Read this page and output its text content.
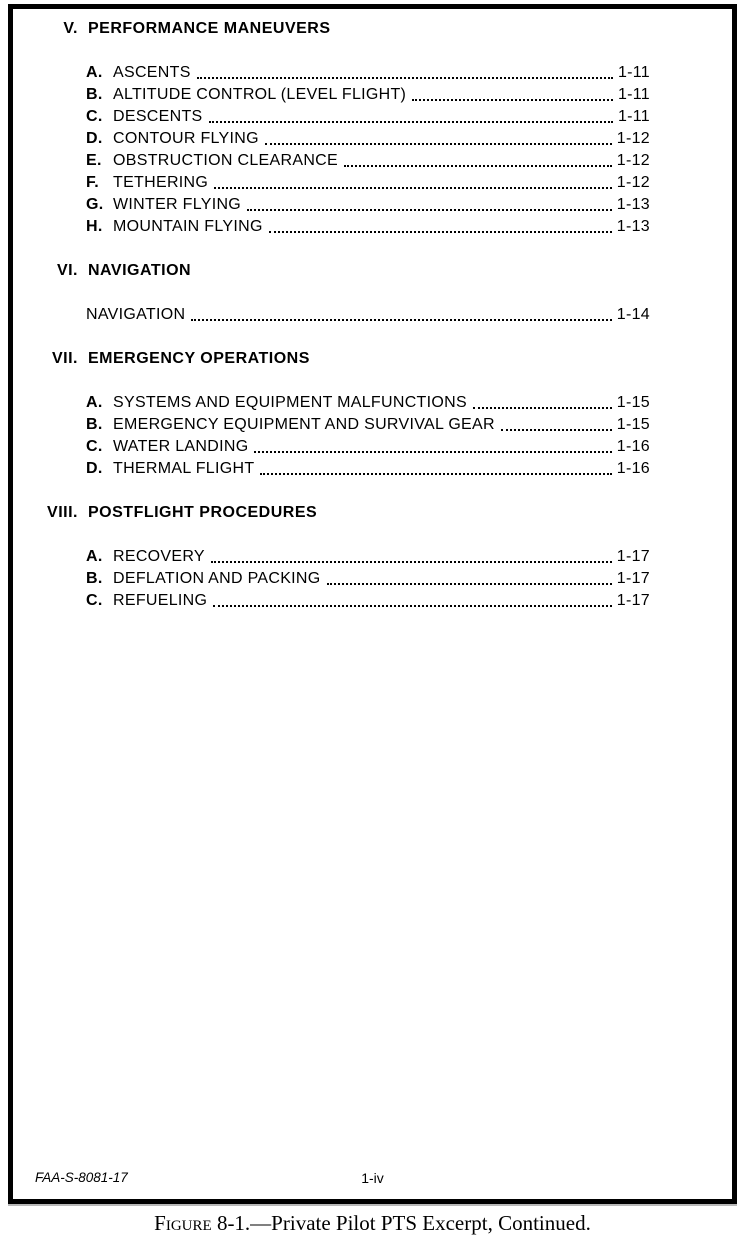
V. PERFORMANCE MANEUVERS
A. ASCENTS	1-11
B. ALTITUDE CONTROL (LEVEL FLIGHT)	1-11
C. DESCENTS	1-11
D. CONTOUR FLYING	1-12
E. OBSTRUCTION CLEARANCE	1-12
F. TETHERING	1-12
G. WINTER FLYING	1-13
H. MOUNTAIN FLYING	1-13
VI. NAVIGATION
NAVIGATION	1-14
VII. EMERGENCY OPERATIONS
A. SYSTEMS AND EQUIPMENT MALFUNCTIONS	1-15
B. EMERGENCY EQUIPMENT AND SURVIVAL GEAR	1-15
C. WATER LANDING	1-16
D. THERMAL FLIGHT	1-16
VIII. POSTFLIGHT PROCEDURES
A. RECOVERY	1-17
B. DEFLATION AND PACKING	1-17
C. REFUELING	1-17
FAA-S-8081-17	1-iv
Figure 8-1.—Private Pilot PTS Excerpt, Continued.
